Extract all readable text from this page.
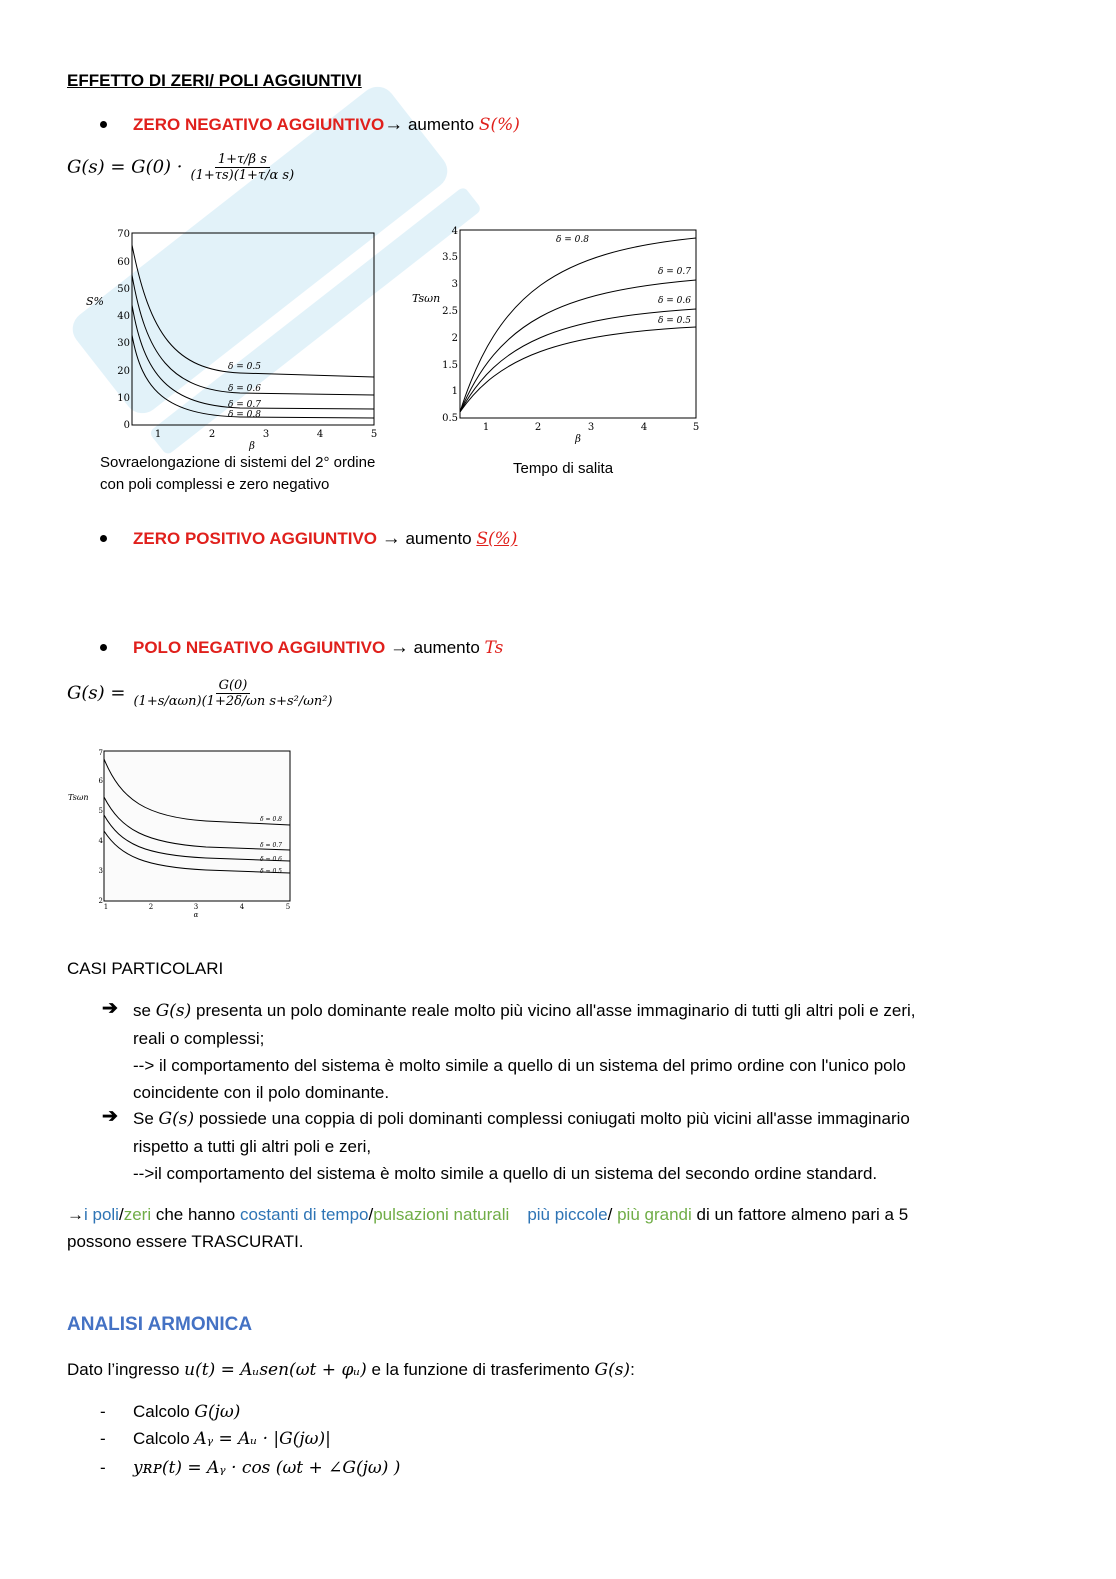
EFFETTO DI ZERI/ POLI AGGIUNTIVI
ZERO NEGATIVO AGGIUNTIVO→ aumento S(%)
$G(s) = G(0) \cdot \frac{\text{1+τ/β s}}{\text{(1+τs)(1+τ/α s)}}$
S%
0
10
20
30
40
50
60
70
1	2	3	4	5
β
δ = 0.5
δ = 0.6
δ = 0.7
δ = 0.8
Sovraelongazione di sistemi del 2° ordine
con poli complessi e zero negativo
Tsωn
0.5
1
1.5
2
2.5
3
3.5
4
1	2	3	4	5
β
δ = 0.8
δ = 0.7
δ = 0.6
δ = 0.5
Tempo di salita
ZERO POSITIVO AGGIUNTIVO → aumento S(%)
POLO NEGATIVO AGGIUNTIVO → aumento Ts
$G(s) = \frac{G(0)}{\text{(1+s/αωn)(1+2δ/ωn s+s²/ωn²)}}$
Tsωn
2
3
4
5
6
7
1	2	3	4	5
α
δ = 0.8
δ = 0.7
δ = 0.6
δ = 0.5
CASI PARTICOLARI
➔ se G(s) presenta un polo dominante reale molto più vicino all'asse immaginario di tutti gli altri poli e zeri,
reali o complessi;
--> il comportamento del sistema è molto simile a quello di un sistema del primo ordine con l'unico polo
coincidente con il polo dominante.
➔ Se G(s) possiede una coppia di poli dominanti complessi coniugati molto più vicini all'asse immaginario
rispetto a tutti gli altri poli e zeri,
-->il comportamento del sistema è molto simile a quello di un sistema del secondo ordine standard.
→i poli/zeri che hanno costanti di tempo/pulsazioni naturali più piccole/ più grandi di un fattore almeno pari a 5
possono essere TRASCURATI.
ANALISI ARMONICA
Dato l’ingresso u(t) = Aᵤsen(ωt + φᵤ) e la funzione di trasferimento G(s):
- Calcolo G(jω)
- Calcolo Aᵧ = Aᵤ · |G(jω)|
- yʀᴘ(t) = Aᵧ · cos (ωt + ∠G(jω) )
